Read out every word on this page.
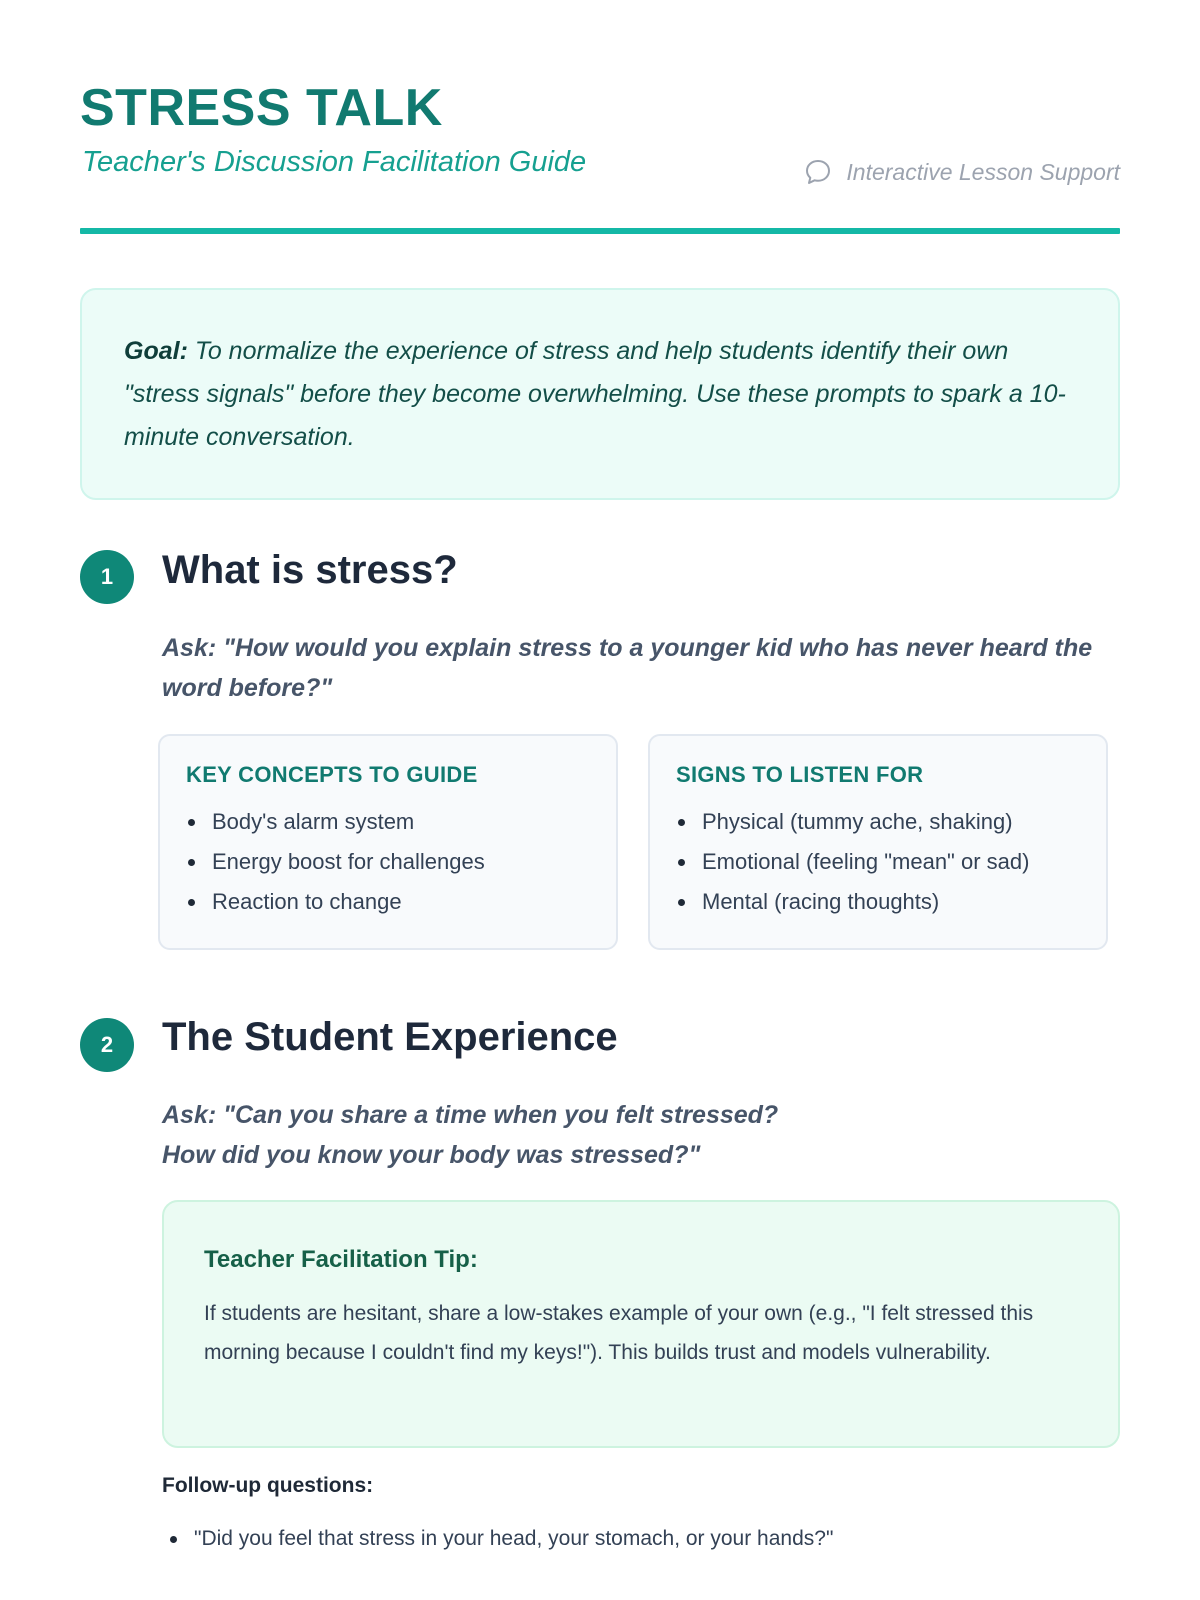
STRESS TALK
Teacher's Discussion Facilitation Guide	Interactive Lesson Support

Goal: To normalize the experience of stress and help students identify their own "stress signals" before they become overwhelming. Use these prompts to spark a 10-minute conversation.

1	What is stress?
Ask: "How would you explain stress to a younger kid who has never heard the word before?"
KEY CONCEPTS TO GUIDE
Body's alarm system
Energy boost for challenges
Reaction to change
SIGNS TO LISTEN FOR
Physical (tummy ache, shaking)
Emotional (feeling "mean" or sad)
Mental (racing thoughts)
2	The Student Experience
Ask: "Can you share a time when you felt stressed?
How did you know your body was stressed?"
Teacher Facilitation Tip:
If students are hesitant, share a low-stakes example of your own (e.g., "I felt stressed this morning because I couldn't find my keys!"). This builds trust and models vulnerability.
Follow-up questions:
"Did you feel that stress in your head, your stomach, or your hands?"
